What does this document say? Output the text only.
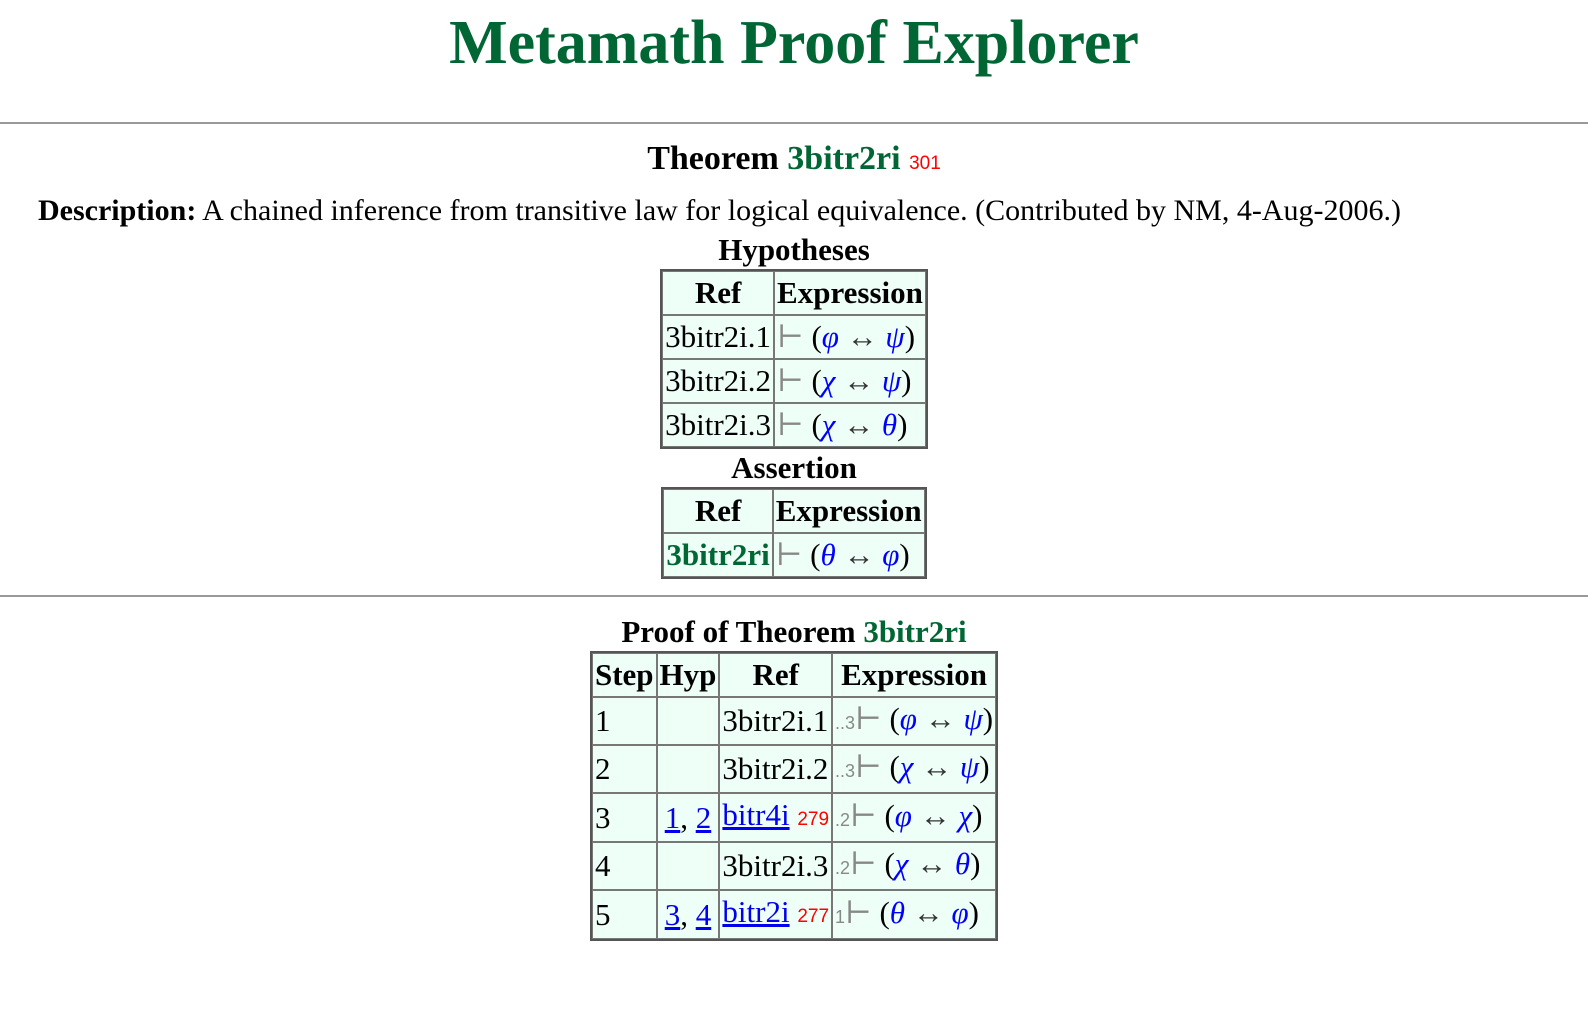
Metamath Proof Explorer
Theorem 3bitr2ri 301
Description: A chained inference from transitive law for logical equivalence. (Contributed by NM, 4-Aug-2006.)
Hypotheses
Ref	Expression
3bitr2i.1	⊢ (φ ↔ ψ)
3bitr2i.2	⊢ (χ ↔ ψ)
3bitr2i.3	⊢ (χ ↔ θ)
Assertion
Ref	Expression
3bitr2ri	⊢ (θ ↔ φ)
Proof of Theorem 3bitr2ri
Step	Hyp	Ref	Expression
1		3bitr2i.1	..3⊢ (φ ↔ ψ)
2		3bitr2i.2	..3⊢ (χ ↔ ψ)
3	1, 2	bitr4i 279	.2⊢ (φ ↔ χ)
4		3bitr2i.3	.2⊢ (χ ↔ θ)
5	3, 4	bitr2i 277	1⊢ (θ ↔ φ)
